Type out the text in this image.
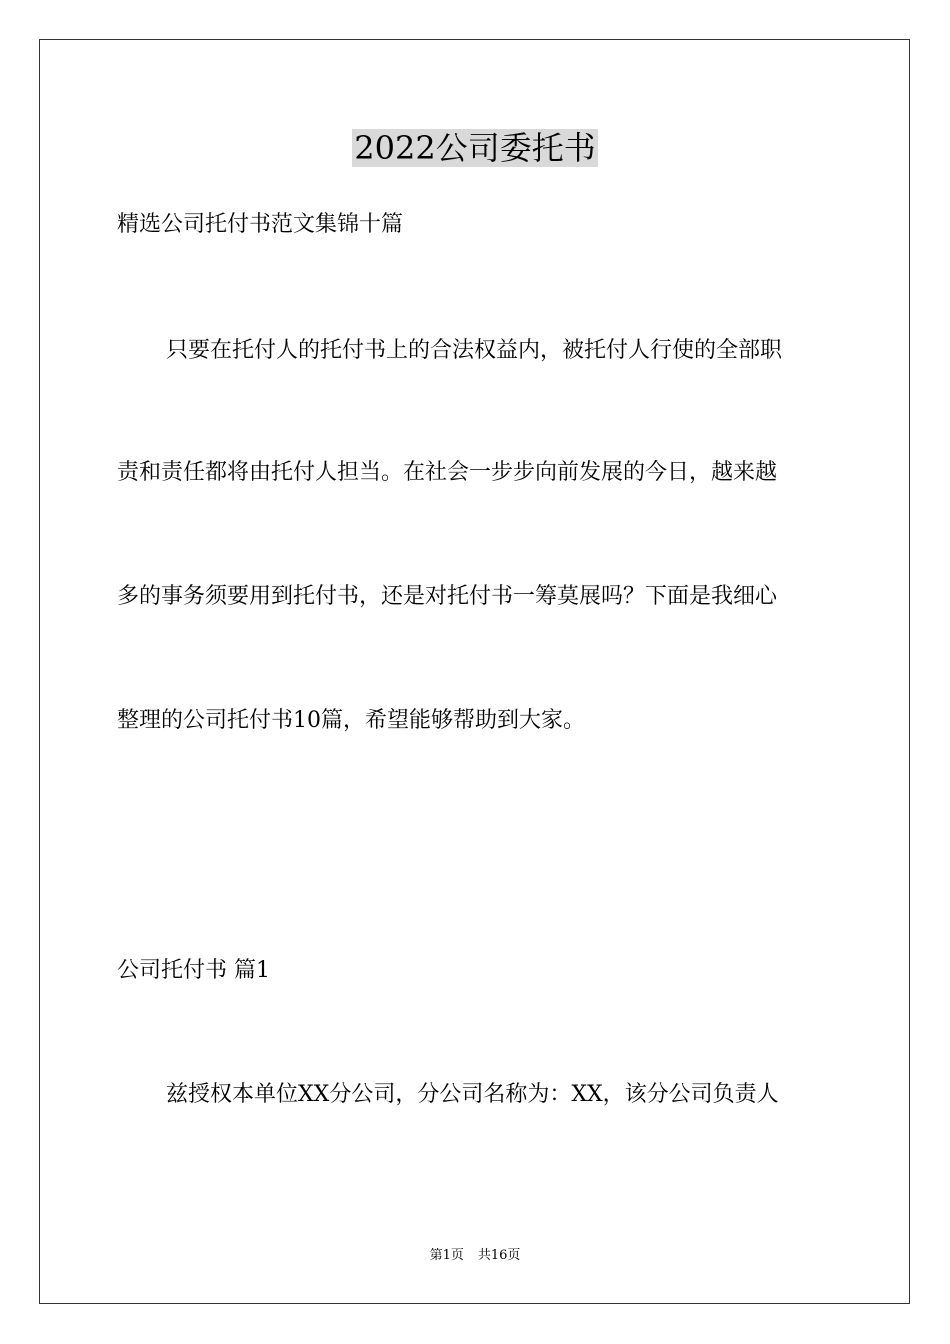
2022公司委托书
精选公司托付书范文集锦十篇
只要在托付人的托付书上的合法权益内，被托付人行使的全部职
责和责任都将由托付人担当。在社会一步步向前发展的今日，越来越
多的事务须要用到托付书，还是对托付书一筹莫展吗？下面是我细心
整理的公司托付书10篇，希望能够帮助到大家。
公司托付书 篇1
兹授权本单位XX分公司，分公司名称为：XX，该分公司负责人
第1页 共16页
